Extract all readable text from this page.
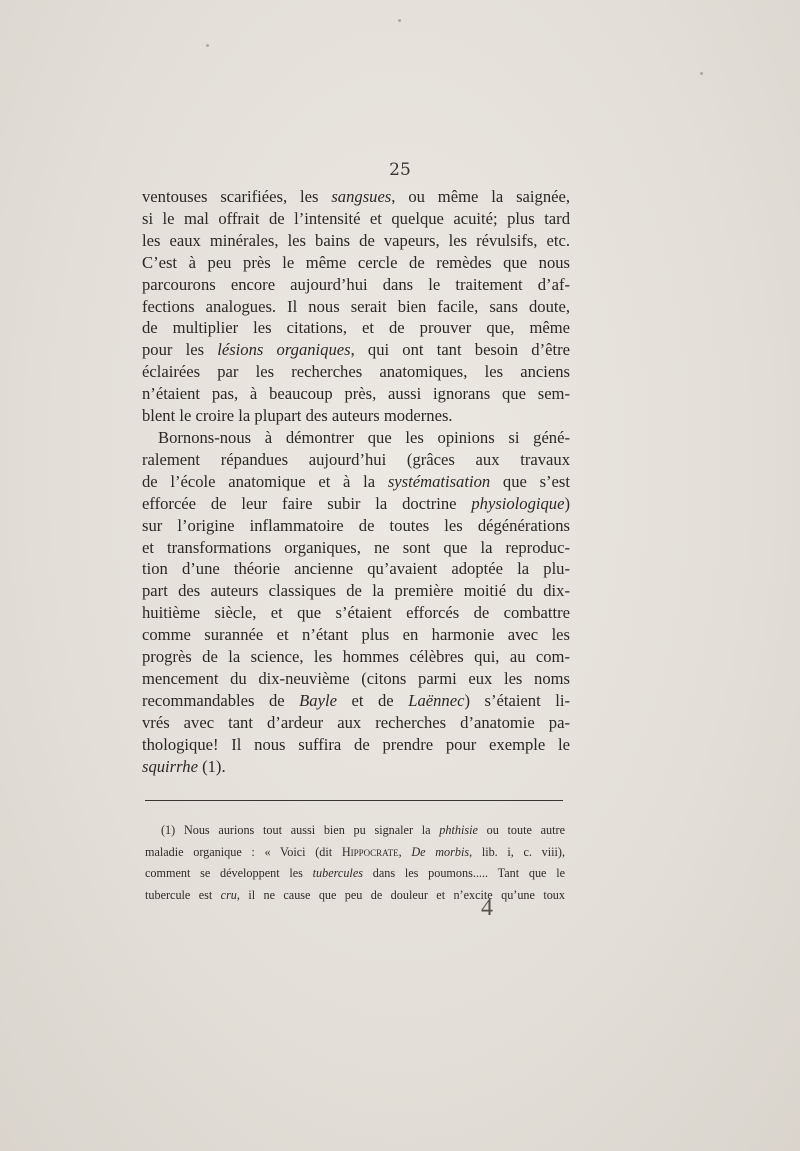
25
ventouses scarifiées, les sangsues, ou même la saignée,
si le mal offrait de l’intensité et quelque acuité; plus tard
les eaux minérales, les bains de vapeurs, les révulsifs, etc.
C’est à peu près le même cercle de remèdes que nous
parcourons encore aujourd’hui dans le traitement d’af-
fections analogues. Il nous serait bien facile, sans doute,
de multiplier les citations, et de prouver que, même
pour les lésions organiques, qui ont tant besoin d’être
éclairées par les recherches anatomiques, les anciens
n’étaient pas, à beaucoup près, aussi ignorans que sem-
blent le croire la plupart des auteurs modernes.
Bornons-nous à démontrer que les opinions si géné-
ralement répandues aujourd’hui (grâces aux travaux
de l’école anatomique et à la systématisation que s’est
efforcée de leur faire subir la doctrine physiologique)
sur l’origine inflammatoire de toutes les dégénérations
et transformations organiques, ne sont que la reproduc-
tion d’une théorie ancienne qu’avaient adoptée la plu-
part des auteurs classiques de la première moitié du dix-
huitième siècle, et que s’étaient efforcés de combattre
comme surannée et n’étant plus en harmonie avec les
progrès de la science, les hommes célèbres qui, au com-
mencement du dix-neuvième (citons parmi eux les noms
recommandables de Bayle et de Laënnec) s’étaient li-
vrés avec tant d’ardeur aux recherches d’anatomie pa-
thologique! Il nous suffira de prendre pour exemple le
squirrhe (1).
(1) Nous aurions tout aussi bien pu signaler la phthisie ou toute autre
maladie organique : « Voici (dit Hippocrate, De morbis, lib. i, c. viii),
comment se développent les tubercules dans les poumons..... Tant que le
tubercule est cru, il ne cause que peu de douleur et n’excite qu’une toux
4
